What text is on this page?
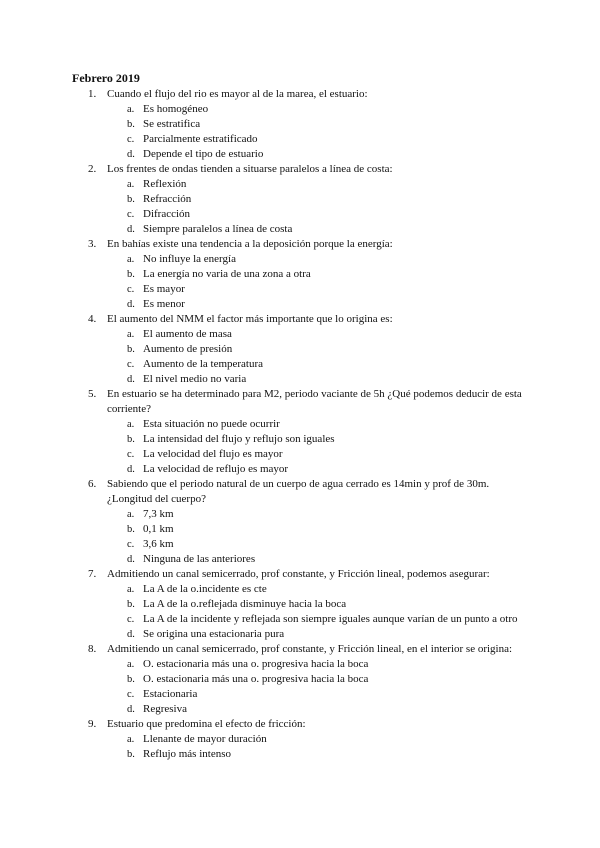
Febrero 2019
1. Cuando el flujo del rio es mayor al de la marea, el estuario:
a. Es homogéneo
b. Se estratifica
c. Parcialmente estratificado
d. Depende el tipo de estuario
2. Los frentes de ondas tienden a situarse paralelos a línea de costa:
a. Reflexión
b. Refracción
c. Difracción
d. Siempre paralelos a línea de costa
3. En bahías existe una tendencia a la deposición porque la energía:
a. No influye la energía
b. La energía no varia de una zona a otra
c. Es mayor
d. Es menor
4. El aumento del NMM el factor más importante que lo origina es:
a. El aumento de masa
b. Aumento de presión
c. Aumento de la temperatura
d. El nivel medio no varia
5. En estuario se ha determinado para M2, periodo vaciante de 5h ¿Qué podemos deducir de esta corriente?
a. Esta situación no puede ocurrir
b. La intensidad del flujo y reflujo son iguales
c. La velocidad del flujo es mayor
d. La velocidad de reflujo es mayor
6. Sabiendo que el periodo natural de un cuerpo de agua cerrado es 14min y prof de 30m. ¿Longitud del cuerpo?
a. 7,3 km
b. 0,1 km
c. 3,6 km
d. Ninguna de las anteriores
7. Admitiendo un canal semicerrado, prof constante, y Fricción lineal, podemos asegurar:
a. La A de la o.incidente es cte
b. La A de la o.reflejada disminuye hacia la boca
c. La A de la incidente y reflejada son siempre iguales aunque varían de un punto a otro
d. Se origina una estacionaria pura
8. Admitiendo un canal semicerrado, prof constante, y Fricción lineal, en el interior se origina:
a. O. estacionaria más una o. progresiva hacia la boca
b. O. estacionaria más una o. progresiva hacia la boca
c. Estacionaria
d. Regresiva
9. Estuario que predomina el efecto de fricción:
a. Llenante de mayor duración
b. Reflujo más intenso
